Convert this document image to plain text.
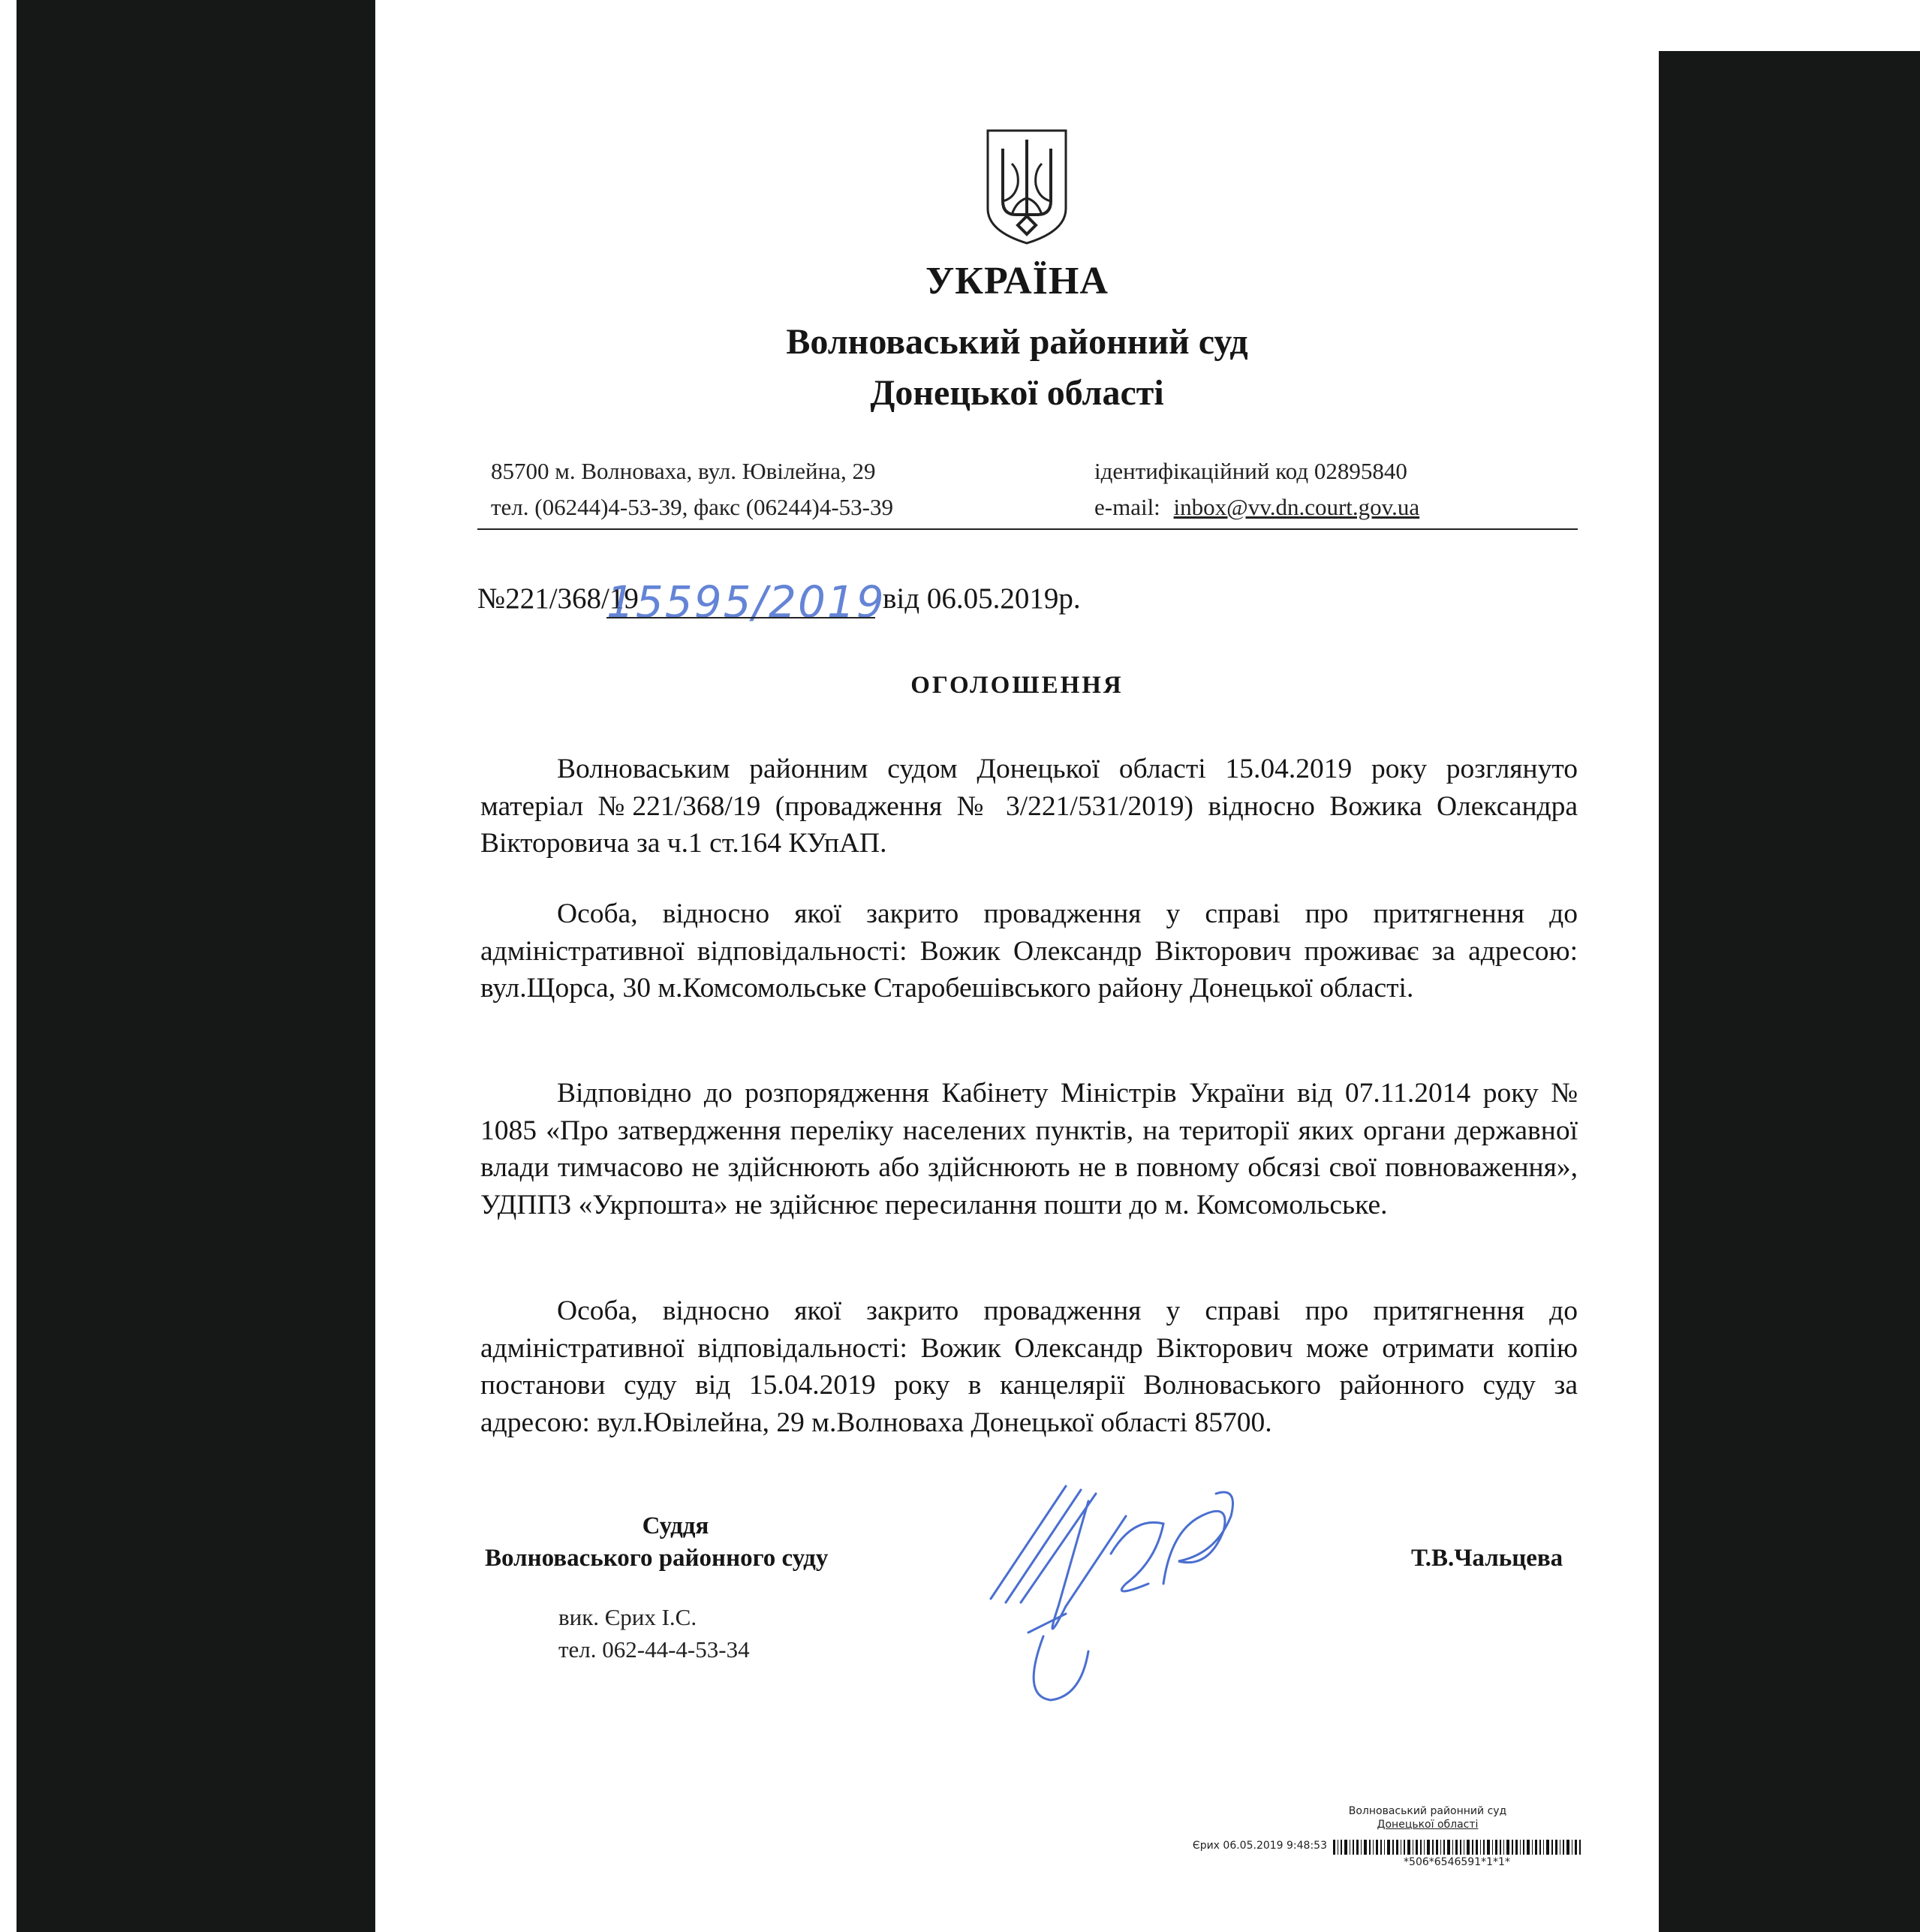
УКРАЇНА
Волноваський районний суд
Донецької області
85700 м. Волноваха, вул. Ювілейна, 29
тел. (06244)4-53-39, факс (06244)4-53-39
ідентифікаційний код 02895840
e-mail: inbox@vv.dn.court.gov.ua
№221/368/19
15595/2019
від 06.05.2019р.
ОГОЛОШЕННЯ

Волноваським районним судом Донецької області 15.04.2019 року розглянуто матеріал №221/368/19 (провадження № 3/221/531/2019) відносно Вожика Олександра Вікторовича за ч.1 ст.164 КУпАП.

Особа, відносно якої закрито провадження у справі про притягнення до адміністративної відповідальності: Вожик Олександр Вікторович проживає за адресою: вул.Щорса, 30 м.Комсомольське Старобешівського району Донецької області.

Відповідно до розпорядження Кабінету Міністрів України від 07.11.2014 року № 1085 «Про затвердження переліку населених пунктів, на території яких органи державної влади тимчасово не здійснюють або здійснюють не в повному обсязі свої повноваження», УДППЗ «Укрпошта» не здійснює пересилання пошти до м. Комсомольське.

Особа, відносно якої закрито провадження у справі про притягнення до адміністративної відповідальності: Вожик Олександр Вікторович може отримати копію постанови суду від 15.04.2019 року в канцелярії Волноваського районного суду за адресою: вул.Ювілейна, 29 м.Волноваха Донецької області 85700.

Суддя
Волноваського районного суду	Т.В.Чальцева
вик. Єрих І.С.
тел. 062-44-4-53-34
Волноваський районний суд
Донецької області
Єрих 06.05.2019 9:48:53
*506*6546591*1*1*
